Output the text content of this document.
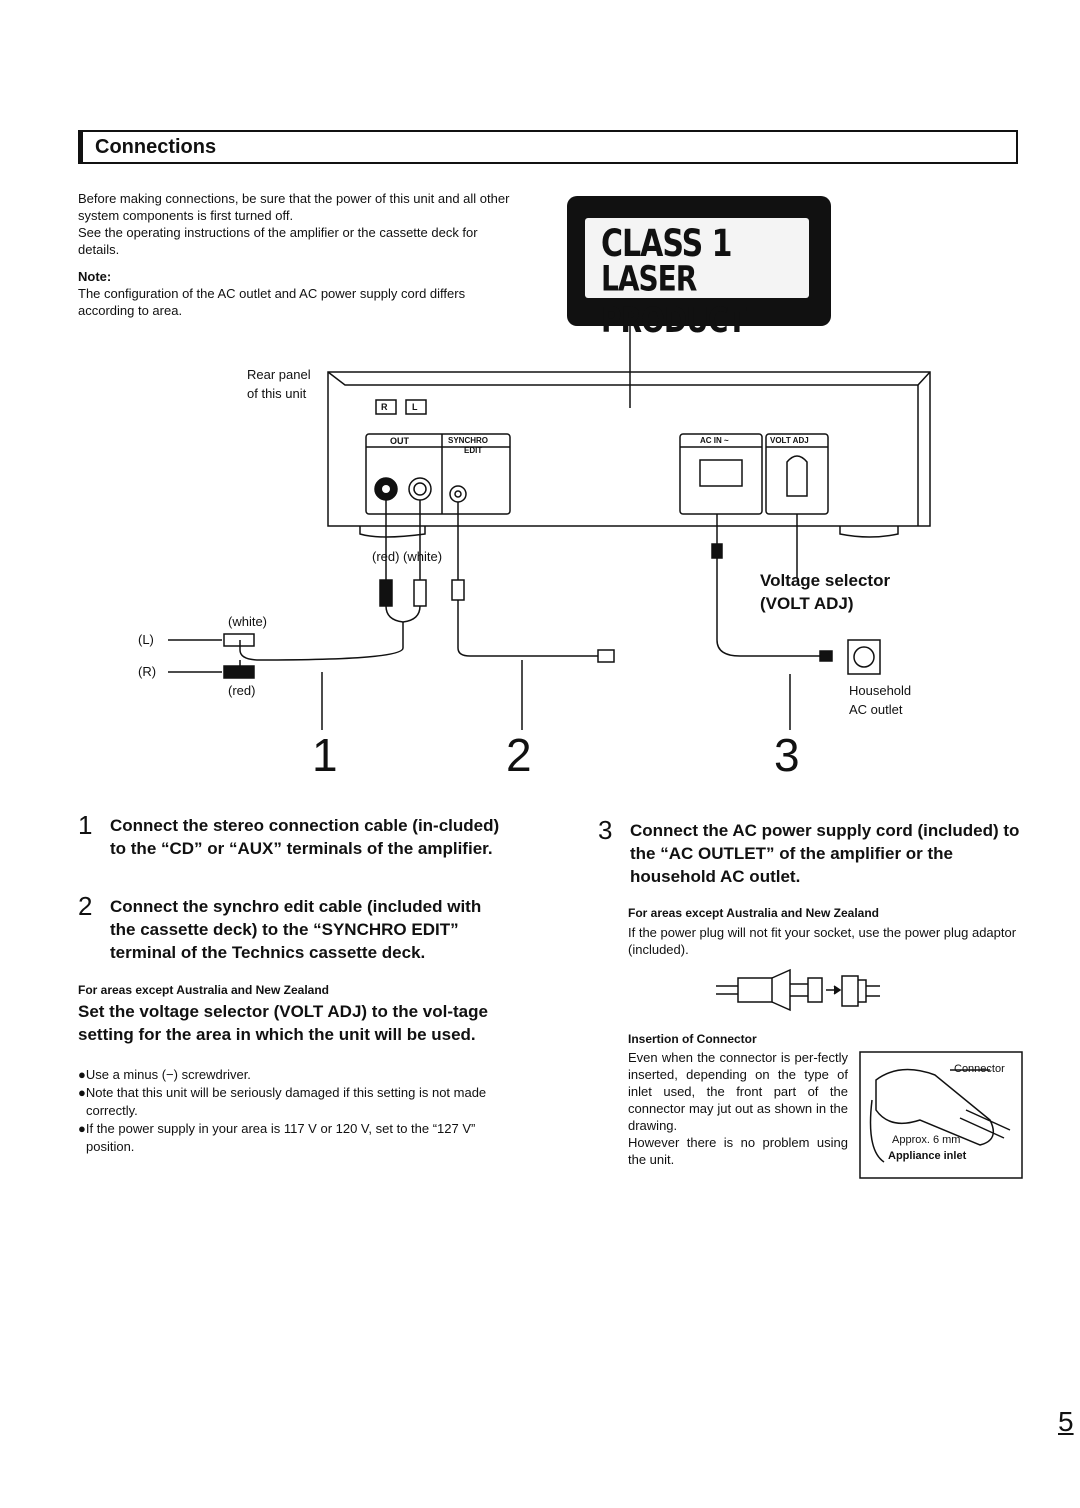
Connections

Before making connections, be sure that the power of this unit and all other system components is first turned off.

See the operating instructions of the amplifier or the cassette deck for details.

Note:

The configuration of the AC outlet and AC power supply cord differs according to area.

CLASS 1
LASER PRODUCT
Rear panel
of this unit
R	L
OUT	SYNCHRO
EDIT
AC IN ~	VOLT ADJ
(red) (white)
(white)
(L)
(R)
(red)
Voltage selector
(VOLT ADJ)
Household
AC outlet
1	2	3
1 Connect the stereo connection cable (in-cluded) to the “CD” or “AUX” terminals of the amplifier.
2 Connect the synchro edit cable (included with the cassette deck) to the “SYNCHRO EDIT” terminal of the Technics cassette deck.
For areas except Australia and New Zealand
Set the voltage selector (VOLT ADJ) to the vol-tage setting for the area in which the unit will be used.
●Use a minus (−) screwdriver.
●Note that this unit will be seriously damaged if this setting is not made correctly.
●If the power supply in your area is 117 V or 120 V, set to the “127 V” position.
3 Connect the AC power supply cord (included) to the “AC OUTLET” of the amplifier or the household AC outlet.
For areas except Australia and New Zealand
If the power plug will not fit your socket, use the power plug adaptor (included).
Insertion of Connector
Even when the connector is per-fectly inserted, depending on the type of inlet used, the front part of the connector may jut out as shown in the drawing.
However there is no problem using the unit.
Connector
Approx. 6 mm
Appliance inlet
5
